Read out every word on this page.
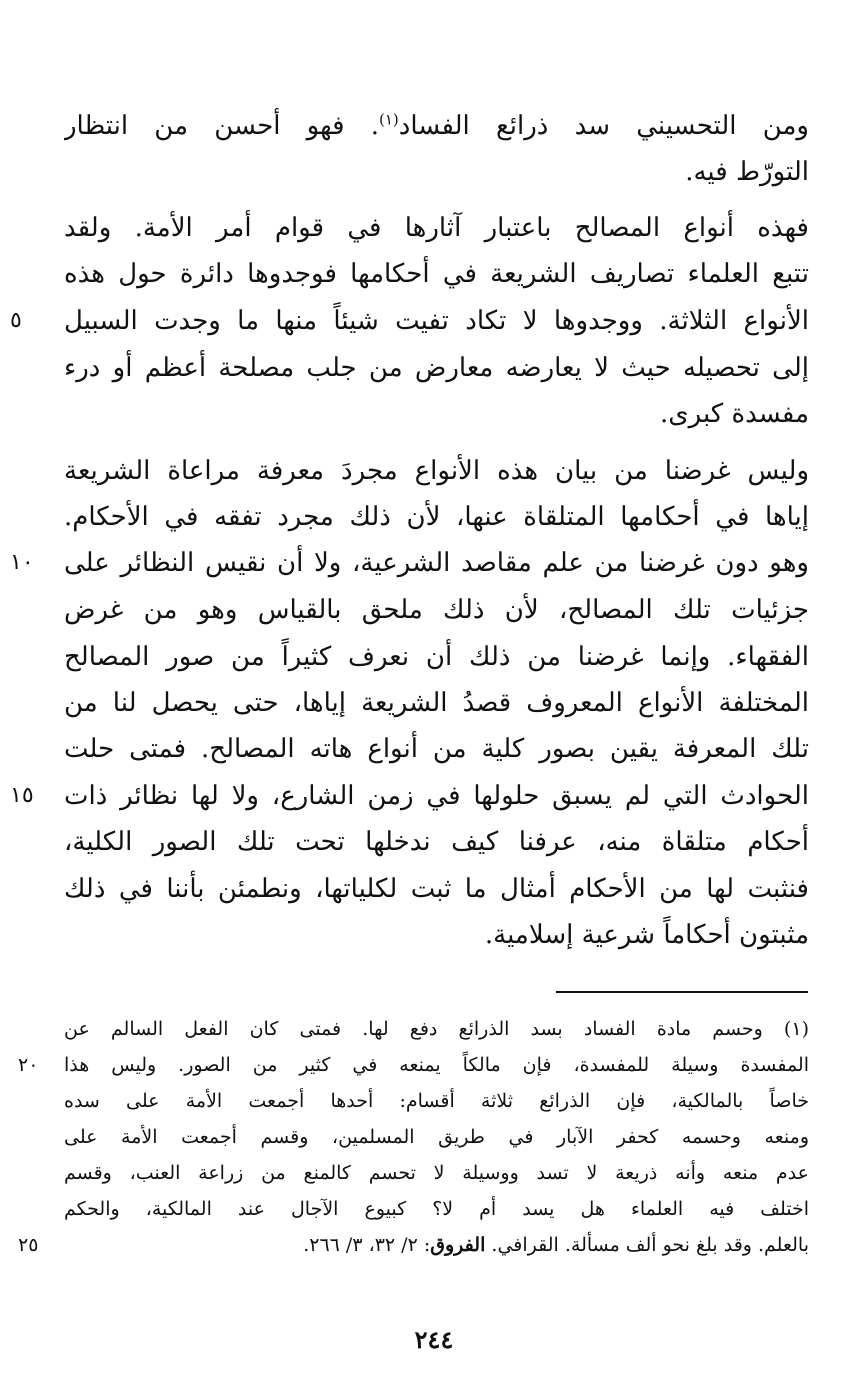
ومن التحسيني سد ذرائع الفساد$^{(١)}$. فهو أحسن من انتظار
التورّط فيه.
فهذه أنواع المصالح باعتبار آثارها في قوام أمر الأمة. ولقد
تتبع العلماء تصاريف الشريعة في أحكامها فوجدوها دائرة حول هذه
الأنواع الثلاثة. ووجدوها لا تكاد تفيت شيئاً منها ما وجدت السبيل
٥
إلى تحصيله حيث لا يعارضه معارض من جلب مصلحة أعظم أو درء
مفسدة كبرى.
وليس غرضنا من بيان هذه الأنواع مجردَ معرفة مراعاة الشريعة
إياها في أحكامها المتلقاة عنها، لأن ذلك مجرد تفقه في الأحكام.
وهو دون غرضنا من علم مقاصد الشرعية، ولا أن نقيس النظائر على
١٠
جزئيات تلك المصالح، لأن ذلك ملحق بالقياس وهو من غرض
الفقهاء. وإنما غرضنا من ذلك أن نعرف كثيراً من صور المصالح
المختلفة الأنواع المعروف قصدُ الشريعة إياها، حتى يحصل لنا من
تلك المعرفة يقين بصور كلية من أنواع هاته المصالح. فمتى حلت
الحوادث التي لم يسبق حلولها في زمن الشارع، ولا لها نظائر ذات
١٥
أحكام متلقاة منه، عرفنا كيف ندخلها تحت تلك الصور الكلية،
فنثبت لها من الأحكام أمثال ما ثبت لكلياتها، ونطمئن بأننا في ذلك
مثبتون أحكاماً شرعية إسلامية.
(١) وحسم مادة الفساد بسد الذرائع دفع لها. فمتى كان الفعل السالم عن
المفسدة وسيلة للمفسدة، فإن مالكاً يمنعه في كثير من الصور. وليس هذا
٢٠
خاصاً بالمالكية، فإن الذرائع ثلاثة أقسام: أحدها أجمعت الأمة على سده
ومنعه وحسمه كحفر الآبار في طريق المسلمين، وقسم أجمعت الأمة على
عدم منعه وأنه ذريعة لا تسد ووسيلة لا تحسم كالمنع من زراعة العنب، وقسم
اختلف فيه العلماء هل يسد أم لا؟ كبيوع الآجال عند المالكية، والحكم
بالعلم. وقد بلغ نحو ألف مسألة. القرافي. الفروق: ٢/ ٣٢، ٣/ ٢٦٦.
٢٥
٢٤٤
